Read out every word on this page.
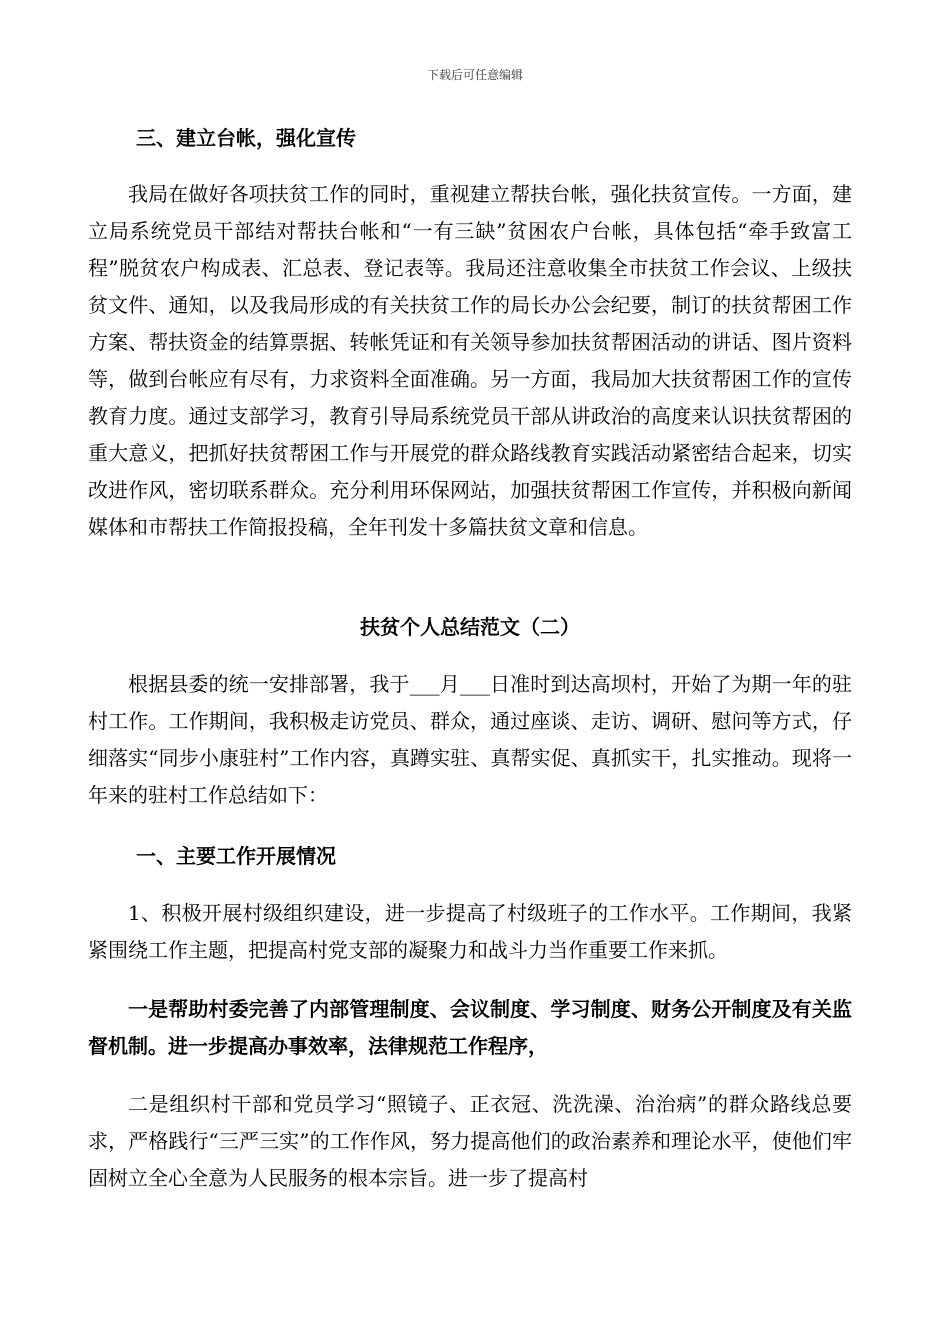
下载后可任意编辑
三、建立台帐，强化宣传

我局在做好各项扶贫工作的同时，重视建立帮扶台帐，强化扶贫宣传。一方面，建立局系统党员干部结对帮扶台帐和“一有三缺”贫困农户台帐，具体包括“牵手致富工程”脱贫农户构成表、汇总表、登记表等。我局还注意收集全市扶贫工作会议、上级扶贫文件、通知，以及我局形成的有关扶贫工作的局长办公会纪要，制订的扶贫帮困工作方案、帮扶资金的结算票据、转帐凭证和有关领导参加扶贫帮困活动的讲话、图片资料等，做到台帐应有尽有，力求资料全面准确。另一方面，我局加大扶贫帮困工作的宣传教育力度。通过支部学习，教育引导局系统党员干部从讲政治的高度来认识扶贫帮困的重大意义，把抓好扶贫帮困工作与开展党的群众路线教育实践活动紧密结合起来，切实改进作风，密切联系群众。充分利用环保网站，加强扶贫帮困工作宣传，并积极向新闻媒体和市帮扶工作简报投稿，全年刊发十多篇扶贫文章和信息。

扶贫个人总结范文（二）

根据县委的统一安排部署，我于___月___日准时到达高坝村，开始了为期一年的驻村工作。工作期间，我积极走访党员、群众，通过座谈、走访、调研、慰问等方式，仔细落实“同步小康驻村”工作内容，真蹲实驻、真帮实促、真抓实干，扎实推动。现将一年来的驻村工作总结如下：

一、主要工作开展情况

1、积极开展村级组织建设，进一步提高了村级班子的工作水平。工作期间，我紧紧围绕工作主题，把提高村党支部的凝聚力和战斗力当作重要工作来抓。

一是帮助村委完善了内部管理制度、会议制度、学习制度、财务公开制度及有关监督机制。进一步提高办事效率，法律规范工作程序，

二是组织村干部和党员学习“照镜子、正衣冠、洗洗澡、治治病”的群众路线总要求，严格践行“三严三实”的工作作风，努力提高他们的政治素养和理论水平，使他们牢固树立全心全意为人民服务的根本宗旨。进一步了提高村
